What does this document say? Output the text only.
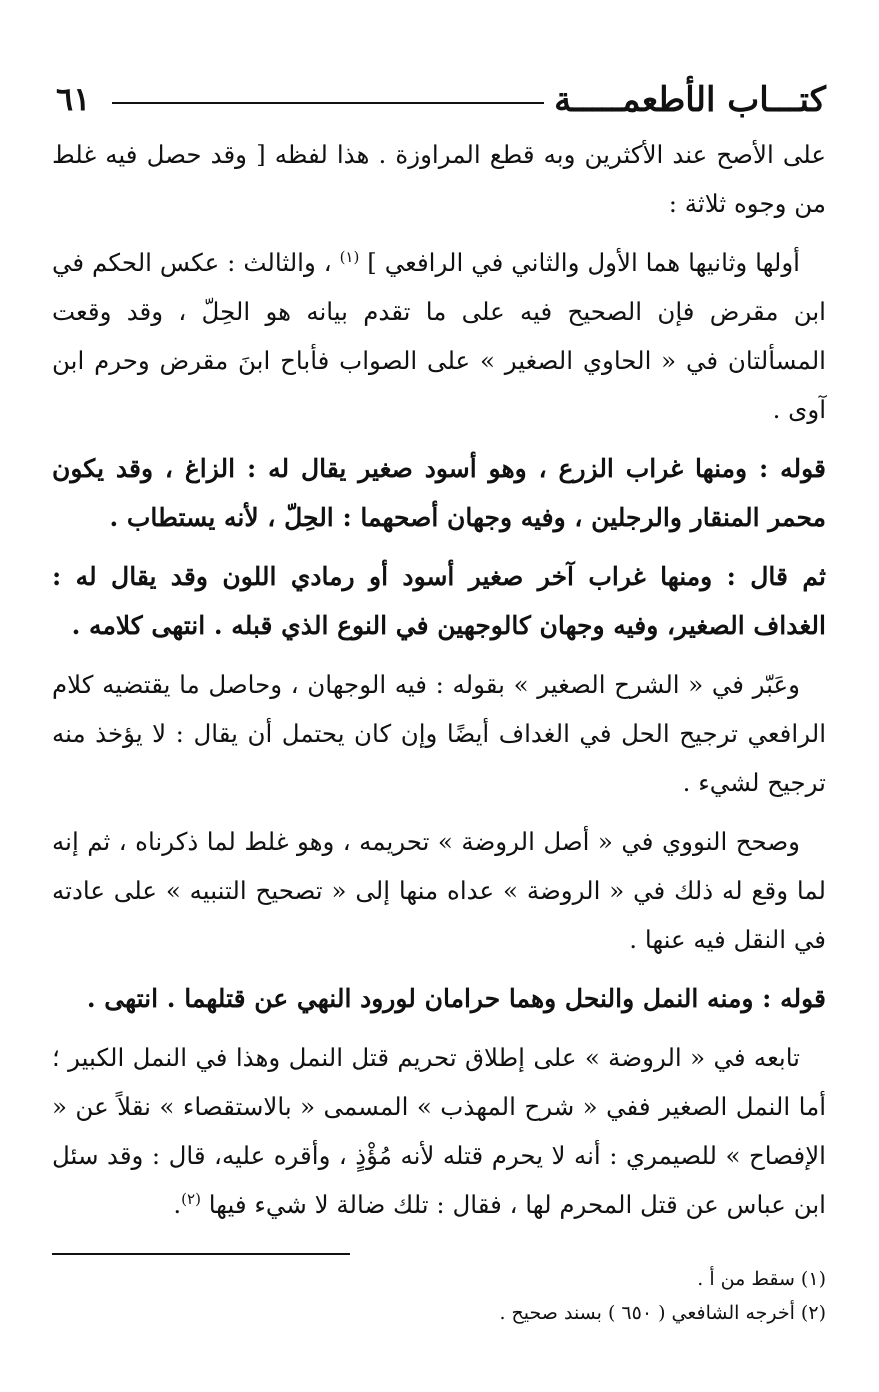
كتـــاب الأطعمـــــة
٦١

على الأصح عند الأكثرين وبه قطع المراوزة . هذا لفظه [ وقد حصل فيه غلط من وجوه ثلاثة :

أولها وثانيها هما الأول والثاني في الرافعي ] $^{(١)}$ ، والثالث : عكس الحكم في ابن مقرض فإن الصحيح فيه على ما تقدم بيانه هو الحِلّ ، وقد وقعت المسألتان في « الحاوي الصغير » على الصواب فأباح ابنَ مقرض وحرم ابن آوى .

قوله : ومنها غراب الزرع ، وهو أسود صغير يقال له : الزاغ ، وقد يكون محمر المنقار والرجلين ، وفيه وجهان أصحهما : الحِلّ ، لأنه يستطاب .

ثم قال : ومنها غراب آخر صغير أسود أو رمادي اللون وقد يقال له : الغداف الصغير، وفيه وجهان كالوجهين في النوع الذي قبله . انتهى كلامه .

وعَبّر في « الشرح الصغير » بقوله : فيه الوجهان ، وحاصل ما يقتضيه كلام الرافعي ترجيح الحل في الغداف أيضًا وإن كان يحتمل أن يقال : لا يؤخذ منه ترجيح لشيء .

وصحح النووي في « أصل الروضة » تحريمه ، وهو غلط لما ذكرناه ، ثم إنه لما وقع له ذلك في « الروضة » عداه منها إلى « تصحيح التنبيه » على عادته في النقل فيه عنها .

قوله : ومنه النمل والنحل وهما حرامان لورود النهي عن قتلهما . انتهى .

تابعه في « الروضة » على إطلاق تحريم قتل النمل وهذا في النمل الكبير ؛ أما النمل الصغير ففي « شرح المهذب » المسمى « بالاستقصاء » نقلاً عن « الإفصاح » للصيمري : أنه لا يحرم قتله لأنه مُؤْذٍ ، وأقره عليه، قال : وقد سئل ابن عباس عن قتل المحرم لها ، فقال : تلك ضالة لا شيء فيها $^{(٢)}$.

(١) سقط من أ .

(٢) أخرجه الشافعي ( ٦٥٠ ) بسند صحيح .
